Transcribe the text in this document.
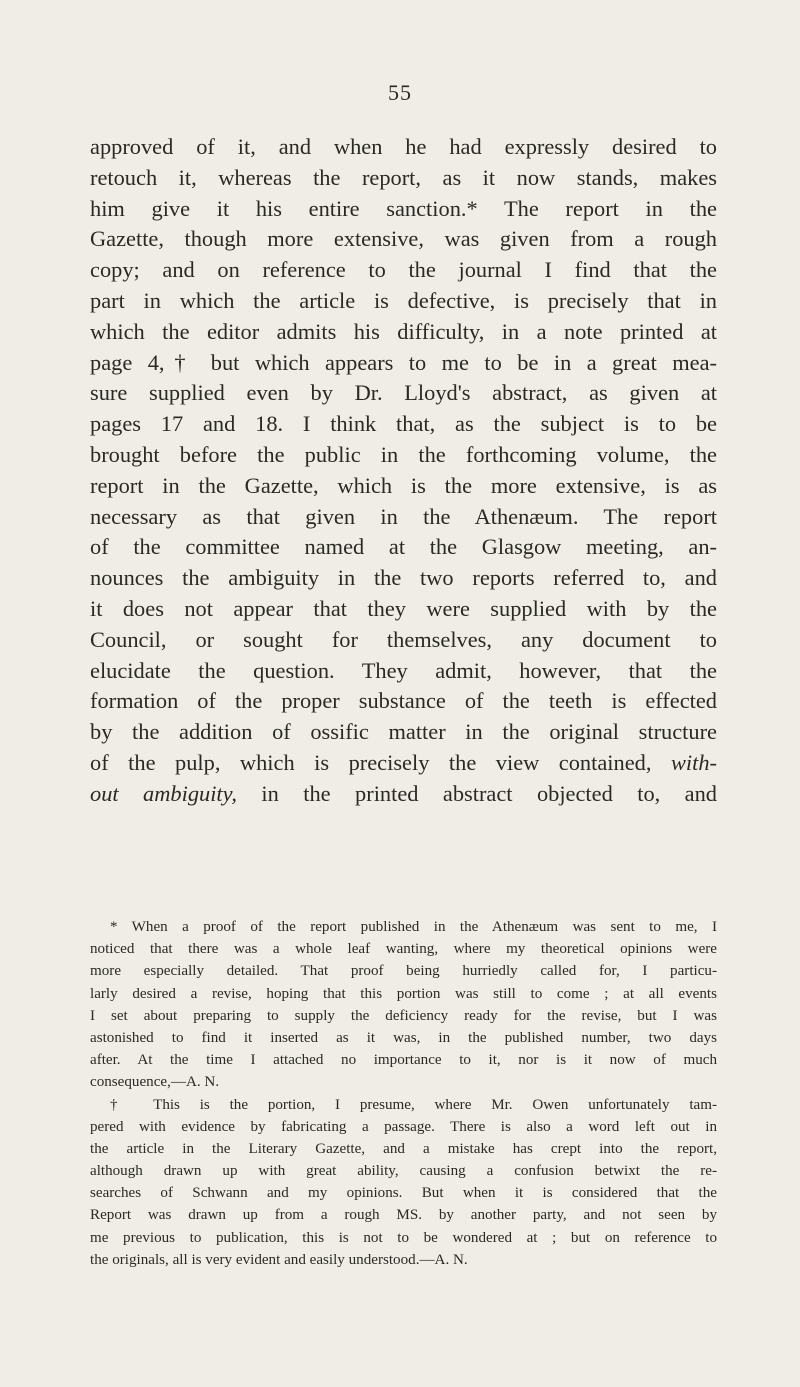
55
approved of it, and when he had expressly desired to
retouch it, whereas the report, as it now stands, makes
him give it his entire sanction.* The report in the
Gazette, though more extensive, was given from a rough
copy; and on reference to the journal I find that the
part in which the article is defective, is precisely that in
which the editor admits his difficulty, in a note printed at
page 4,† but which appears to me to be in a great mea-
sure supplied even by Dr. Lloyd's abstract, as given at
pages 17 and 18. I think that, as the subject is to be
brought before the public in the forthcoming volume, the
report in the Gazette, which is the more extensive, is as
necessary as that given in the Athenæum. The report
of the committee named at the Glasgow meeting, an-
nounces the ambiguity in the two reports referred to, and
it does not appear that they were supplied with by the
Council, or sought for themselves, any document to
elucidate the question. They admit, however, that the
formation of the proper substance of the teeth is effected
by the addition of ossific matter in the original structure
of the pulp, which is precisely the view contained, with-
out ambiguity, in the printed abstract objected to, and
* When a proof of the report published in the Athenæum was sent to me, I
noticed that there was a whole leaf wanting, where my theoretical opinions were
more especially detailed. That proof being hurriedly called for, I particu-
larly desired a revise, hoping that this portion was still to come ; at all events
I set about preparing to supply the deficiency ready for the revise, but I was
astonished to find it inserted as it was, in the published number, two days
after. At the time I attached no importance to it, nor is it now of much
consequence,—A. N.
† This is the portion, I presume, where Mr. Owen unfortunately tam-
pered with evidence by fabricating a passage. There is also a word left out in
the article in the Literary Gazette, and a mistake has crept into the report,
although drawn up with great ability, causing a confusion betwixt the re-
searches of Schwann and my opinions. But when it is considered that the
Report was drawn up from a rough MS. by another party, and not seen by
me previous to publication, this is not to be wondered at ; but on reference to
the originals, all is very evident and easily understood.—A. N.
